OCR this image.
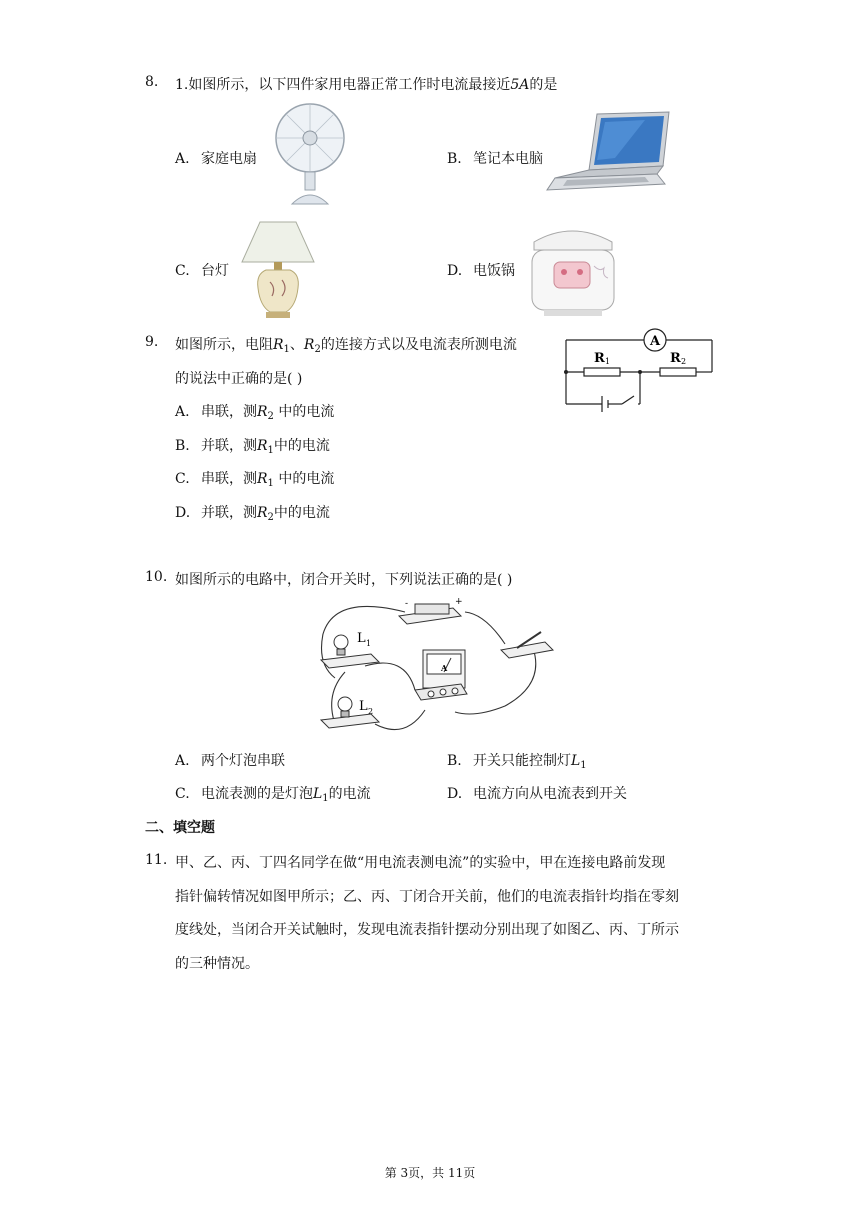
8. 1.如图所示，以下四件家用电器正常工作时电流最接近5A的是
A. 家庭电扇	B. 笔记本电脑
C. 台灯	D. 电饭锅
9. 如图所示，电阻$R_1$、$R_2$的连接方式以及电流表所测电流
的说法中正确的是( )
A. 串联，测$R_2$ 中的电流
B. 并联，测$R_1$中的电流
C. 串联，测$R_1$ 中的电流
D. 并联，测$R_2$中的电流
A
R 1	R 2
10. 如图所示的电路中，闭合开关时，下列说法正确的是( )
-	+
L 1
L 2
A
A. 两个灯泡串联	B. 开关只能控制灯$L_1$
C. 电流表测的是灯泡$L_1$的电流	D. 电流方向从电流表到开关
二、填空题
11. 甲、乙、丙、丁四名同学在做“用电流表测电流”的实验中，甲在连接电路前发现
指针偏转情况如图甲所示；乙、丙、丁闭合开关前，他们的电流表指针均指在零刻
度线处，当闭合开关试触时，发现电流表指针摆动分别出现了如图乙、丙、丁所示
的三种情况。
第 3页，共 11页
